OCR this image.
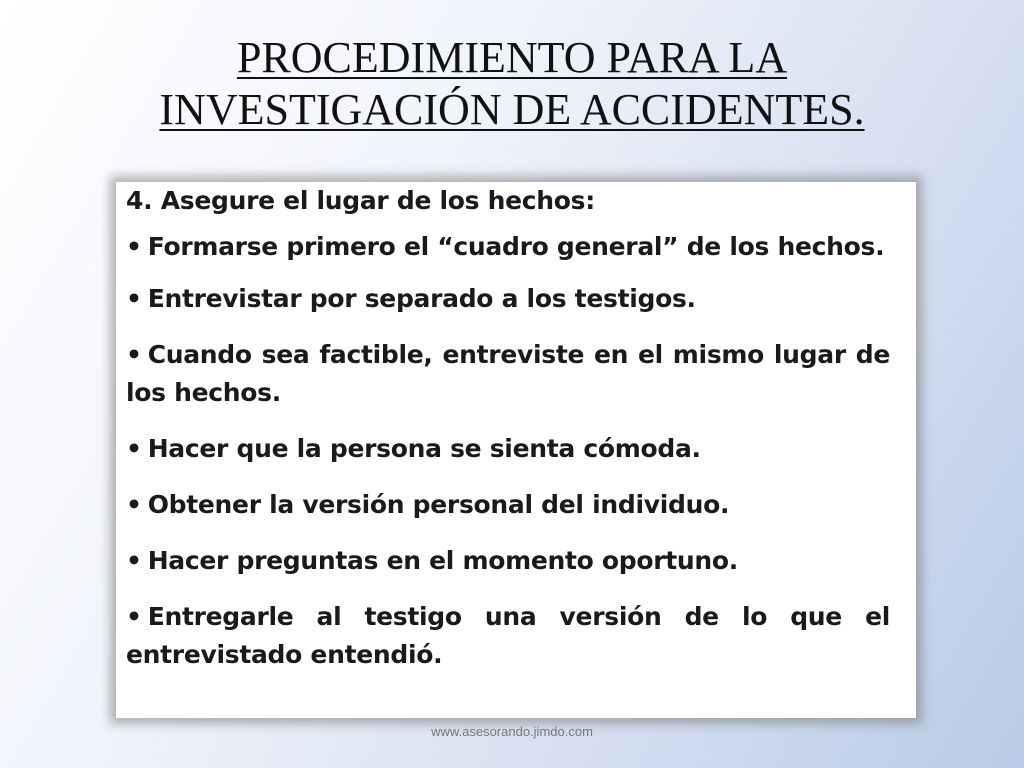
PROCEDIMIENTO PARA LA
INVESTIGACIÓN DE ACCIDENTES.
4. Asegure el lugar de los hechos:
• Formarse primero el “cuadro general” de los hechos.
• Entrevistar por separado a los testigos.
• Cuando sea factible, entreviste en el mismo lugar de los hechos.
• Hacer que la persona se sienta cómoda.
• Obtener la versión personal del individuo.
• Hacer preguntas en el momento oportuno.
• Entregarle al testigo una versión de lo que el entrevistado entendió.
www.asesorando.jimdo.com
